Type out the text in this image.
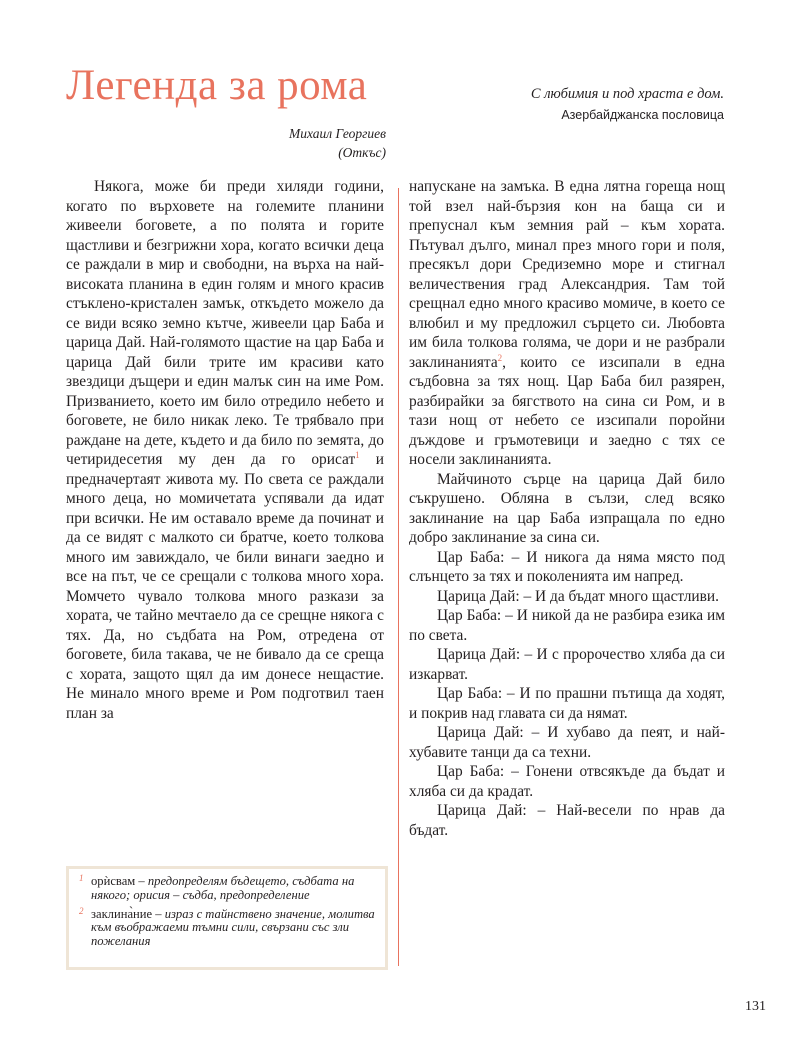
Легенда за рома
Михаил Георгиев
(Откъс)
С любимия и под храста е дом.
Азербайджанска пословица

Някога, може би преди хиляди години, когато по върховете на големите планини живеели боговете, а по полята и горите щастливи и безгрижни хора, когато всички деца се раждали в мир и свободни, на върха на най-високата планина в един голям и много красив стъклено-кристален замък, откъдето можело да се види всяко земно кътче, живеели цар Баба и царица Дай. Най-голямото щастие на цар Баба и царица Дай били трите им красиви като звездици дъщери и един малък син на име Ром. Призванието, което им било отредило небето и боговете, не било никак леко. Те трябвало при раждане на дете, където и да било по земята, до четиридесетия му ден да го орисат$^1$ и предначертаят живота му. По света се раждали много деца, но момичетата успявали да идат при всички. Не им оставало време да починат и да се видят с малкото си братче, което толкова много им завиждало, че били винаги заедно и все на път, че се срещали с толкова много хора. Момчето чувало толкова много разкази за хората, че тайно мечтаело да се срещне някога с тях. Да, но съдбата на Ром, отредена от боговете, била такава, че не бивало да се среща с хората, защото щял да им донесе нещастие. Не минало много време и Ром подготвил таен план за

напускане на замъка. В една лятна гореща нощ той взел най-бързия кон на баща си и препуснал към земния рай – към хората. Пътувал дълго, минал през много гори и поля, пресякъл дори Средиземно море и стигнал величествения град Александрия. Там той срещнал едно много красиво момиче, в което се влюбил и му предложил сърцето си. Любовта им била толкова голяма, че дори и не разбрали заклинанията$^2$, които се изсипали в една съдбовна за тях нощ. Цар Баба бил разярен, разбирайки за бягството на сина си Ром, и в тази нощ от небето се изсипали поройни дъждове и гръмотевици и заедно с тях се носели заклинанията.

Майчиното сърце на царица Дай било съкрушено. Обляна в сълзи, след всяко заклинание на цар Баба изпращала по едно добро заклинание за сина си.

Цар Баба: – И никога да няма място под слънцето за тях и поколенията им напред.

Царица Дай: – И да бъдат много щастливи.

Цар Баба: – И никой да не разбира езика им по света.

Царица Дай: – И с пророчество хляба да си изкарват.

Цар Баба: – И по прашни пътища да ходят, и покрив над главата си да нямат.

Царица Дай: – И хубаво да пеят, и най-хубавите танци да са техни.

Цар Баба: – Гонени отвсякъде да бъдат и хляба си да крадат.

Царица Дай: – Най-весели по нрав да бъдат.

1 орѝсвам – предопределям бъдещето, съдбата на някого; орисия – съдба, предопределение
2 заклина̀ние – израз с тайнствено значение, молитва към въображаеми тъмни сили, свързани със зли пожелания
131
